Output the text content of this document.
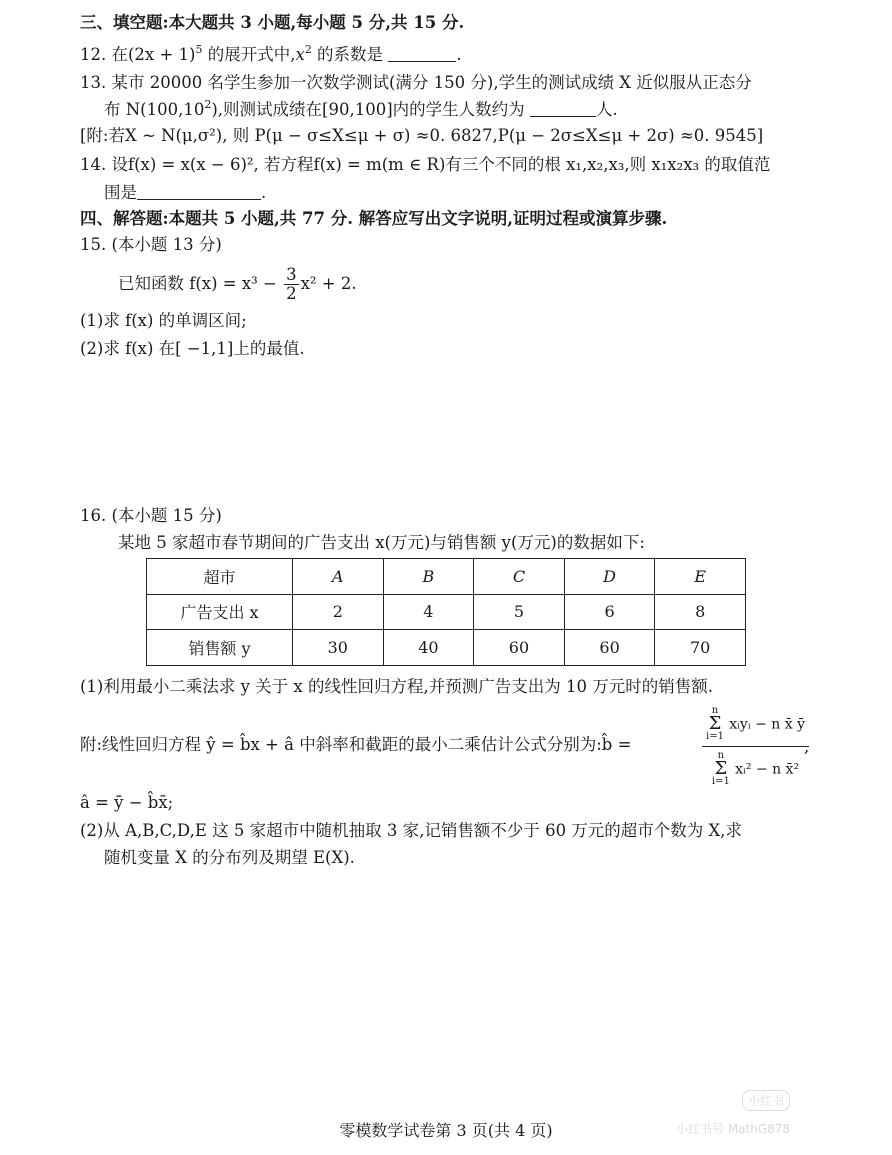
三、填空题:本大题共 3 小题,每小题 5 分,共 15 分.
12. 在$(2x + 1)^5$ 的展开式中$,x^2$ 的系数是	.
13. 某市 20000 名学生参加一次数学测试(满分 150 分),学生的测试成绩 X 近似服从正态分
布 N(100,10$^2$),则测试成绩在[90,100]内的学生人数约为	人.
[附:若X ~ N(μ,σ²), 则 P(μ − σ≤X≤μ + σ) ≈0. 6827,P(μ − 2σ≤X≤μ + 2σ) ≈0. 9545]
14. 设f(x) = x(x − 6)², 若方程f(x) = m(m ∈ R)有三个不同的根 x₁,x₂,x₃,则 x₁x₂x₃ 的取值范
围是	.
四、解答题:本题共 5 小题,共 77 分. 解答应写出文字说明,证明过程或演算步骤.
15. (本小题 13 分)
已知函数 $f(x) = x^3 - \frac{3}{2} x^2 + 2$.
(1)求 f(x) 的单调区间;
(2)求 f(x) 在[ −1,1]上的最值.
16. (本小题 15 分)
某地 5 家超市春节期间的广告支出 x(万元)与销售额 y(万元)的数据如下:
超市	A	B	C	D	E
广告支出 x	2	4	5	6	8
销售额 y	30	40	60	60	70
(1)利用最小二乘法求 y 关于 x 的线性回归方程,并预测广告支出为 10 万元时的销售额.
附:线性回归方程 ŷ = b̂x + â 中斜率和截距的最小二乘估计公式分别为:b̂ =
n
Σ
i=1
xᵢyᵢ − n x̄ ȳ
n
Σ
i=1
xᵢ² − n x̄²
,
â = ȳ − b̂x̄;
(2)从 A,B,C,D,E 这 5 家超市中随机抽取 3 家,记销售额不少于 60 万元的超市个数为 X,求
随机变量 X 的分布列及期望 E(X).
零模数学试卷第 3 页(共 4 页)
小红书
小红书号 MathG878
